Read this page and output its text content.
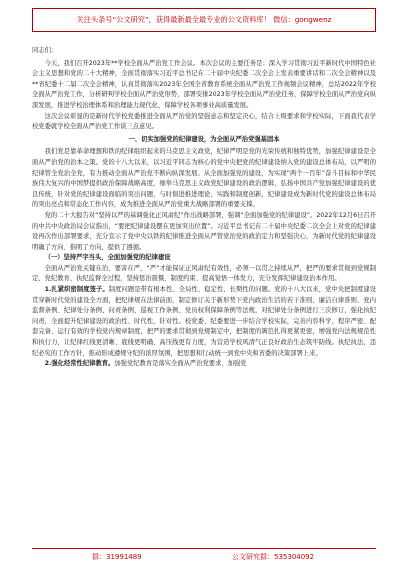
关注头条号“公文研究”，获得最新最全最专业的公文资料库！ 微信：gongwenz

同志们：

今天，我们召开2023年**学校全面从严治党工作会议。本次会议的主要任务是：深入学习贯彻习近平新时代中国特色社会主义思想和党的二十大精神，全面贯彻落实习近平总书记在二十届中央纪委二次全会上发表重要讲话和二次全会精神以及**省纪委十二届二次全会精神，认真贯彻落实2023年全国全省教育系统全面从严治党工作视频会议精神，总结2022年学校全面从严治党工作，分析研判学校全面从严治党形势，部署安排2023年学校全面从严治党任务，保障学校全面从严治党向纵深发展，推进学校治理体系和治理能力现代化，保障学校各项事业高质量发展。

这次会议彰显的是新时代学校党委推进全面从严治党的坚强意志和坚定决心，结合上级要求和学校实际，下面我代表学校党委就学校全面从严治党工作谈三点意见。

一、切实加强党的纪律建设，为全面从严治党强基固本

我们党是靠革命理想和铁的纪律组织起来的马克思主义政党，纪律严明是党的光荣传统和独特优势，加强纪律建设是全面从严治党的治本之策。党的十八大以来，以习近平同志为核心的党中央把党的纪律建设纳入党的建设总体布局，以严明的纪律管全党治全党，有力推动全面从严治党不断向纵深发展。从全面加强党的建设，为实现“两个一百年”奋斗目标和中华民族伟大复兴的中国梦提供政治保障战略高度，细举马克思主义政党纪律建设的政治逻辑，弘扬中国共产党加强纪律建设的优良传统，针对党的纪律建设面临的突出问题，与时俱进推进理论、实践和制度创新，纪律建设成为新时代党的建设总体布局的突出亮点和常态化工作内容，成为推进全面从严治党重大战略部署的重要支撑。

党的二十大报告对“坚持以严的基调强化正风肃纪”作出战略部署，强调“全面加强党的纪律建设”。2022年12月6日召开的中共中央政治局会议指出，“要把纪律建设摆在更加突出位置”。习近平总书记在二十届中央纪委二次全会上对党的纪律建设再次作出部署要求，充分宣示了党中央以铁的纪律推进全面从严管党治党的政治定力和坚强决心，为新时代党的纪律建设明确了方向、指明了方向、提供了遵循。

（一）坚持严字当头，全面加强党的纪律建设

全面从严治党关键在治、要害在严，“严”才能保证正风肃纪有效性，必须一以贯之持续从严，把严的要求贯彻到党规制定、党纪教育、执纪监督全过程，坚持惩治震慑、制度约束、提高觉悟一体发力，充分发挥纪律建设治本作用。

1.扎紧织密制度笼子。制度问题是带有根本性、全局性、稳定性、长期性的问题。党的十八大以来，党中央把制度建设贯穿新时代党的建设全方面，把纪律规在法律前面，制定修订关于新形势下党内政治生活的若干准则、廉洁自律准则、党内监督条例、纪律处分条例、问责条例、巡视工作条例、党员权利保障条例等法规，对纪律处分条例进行三次修订，强化执纪问责，全面提升纪律建设的政治性、时代性、针对性。校党委、纪委要进一步结合学校实际，完善内容科学、程序严密、配套完备、运行有效的学校党内规章制度，把严的要求贯彻到党规制定中，把制度的篱笆扎得更紧更密，增强党内法规规范性和执行力，让纪律红线更清晰、底线更明确、高压线更有力度，为营造学校风清气正良好政治生态筑牢防线。执纪执法，违纪必究的工作方针，推动形成遵规守纪的浓厚氛围，把思想和行动统一到党中央和省委的决策部署上来。

2.强化经常性纪律教育。加强党纪教育是落实全面从严治党要求、加强党

群：31991489	公文研究群：535304092
